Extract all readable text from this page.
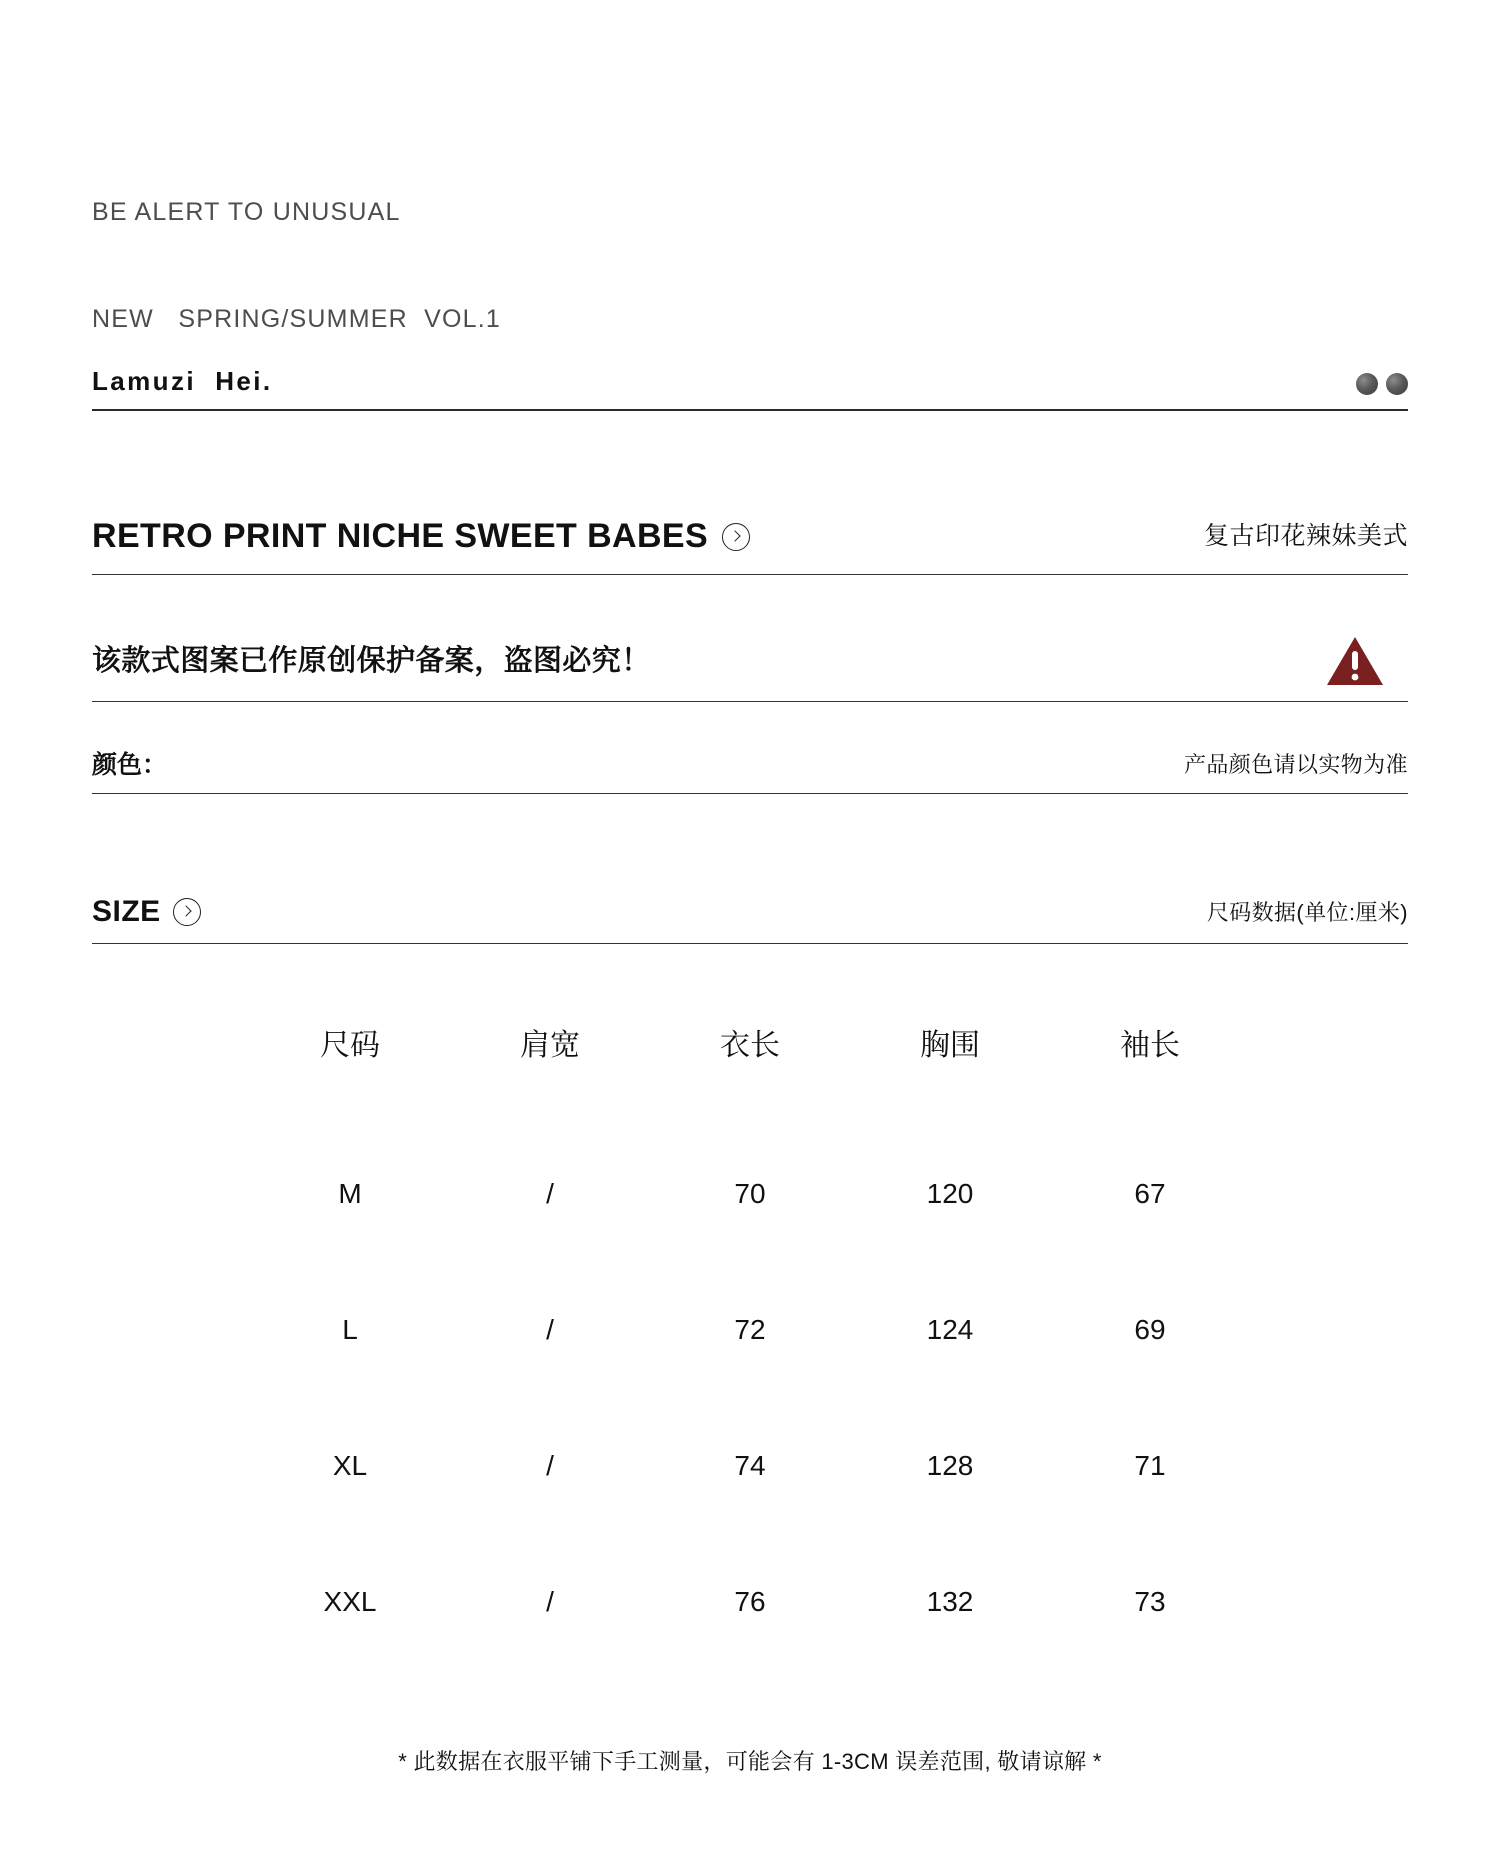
BE ALERT TO UNUSUAL

NEW   SPRING/SUMMER  VOL.1

Lamuzi  Hei.
RETRO PRINT NICHE SWEET BABES	复古印花辣妹美式
该款式图案已作原创保护备案，盗图必究！
颜色：	产品颜色请以实物为准
SIZE	尺码数据(单位:厘米)
尺码	肩宽	衣长	胸围	袖长
M	/	70	120	67
L	/	72	124	69
XL	/	74	128	71
XXL	/	76	132	73
* 此数据在衣服平铺下手工测量，可能会有 1-3CM 误差范围, 敬请谅解 *
